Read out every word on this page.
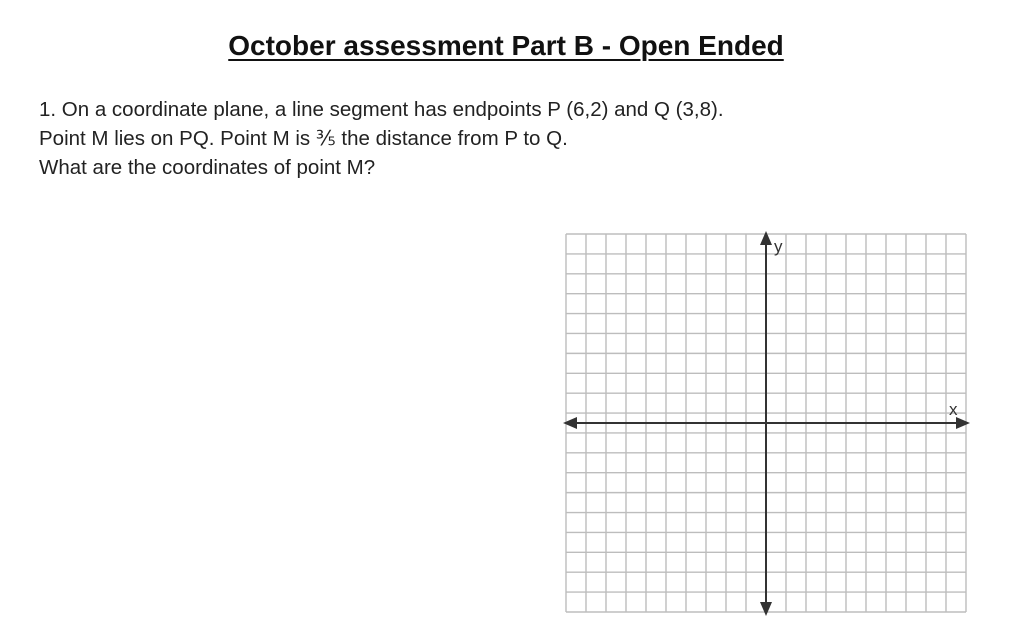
October assessment Part B - Open Ended
1. On a coordinate plane, a line segment has endpoints P (6,2) and Q (3,8).
Point M lies on PQ. Point M is ⅗ the distance from P to Q.
What are the coordinates of point M?
x
y
